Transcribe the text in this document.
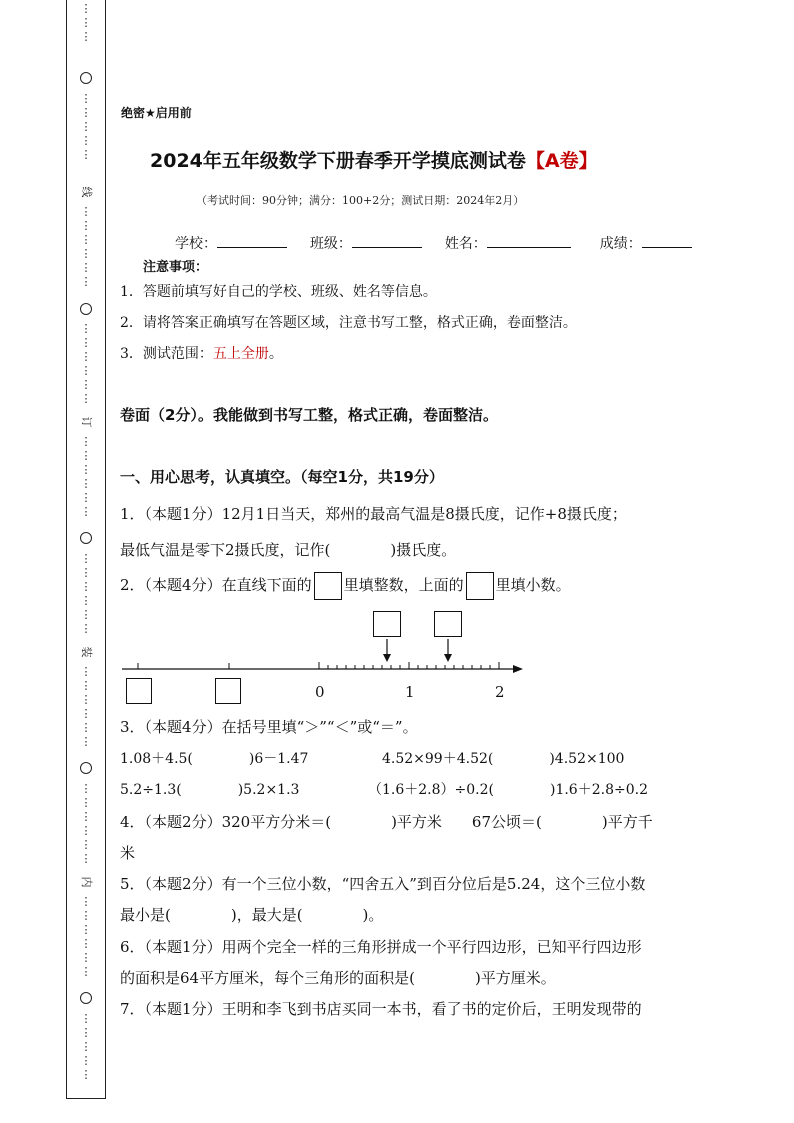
⋮
⋮
⋮
⋮
⋮
⋮
⋮
⋮
线
⋮
⋮
⋮
⋮
⋮
⋮
⋮
⋮
⋮
⋮
⋮
⋮
订
⋮
⋮
⋮
⋮
⋮
⋮
⋮
⋮
⋮
⋮
⋮
⋮
装
⋮
⋮
⋮
⋮
⋮
⋮
⋮
⋮
⋮
⋮
⋮
⋮
内
⋮
⋮
⋮
⋮
⋮
⋮
⋮
⋮
⋮
⋮
⋮
绝密★启用前
2024年五年级数学下册春季开学摸底测试卷【A卷】
（考试时间：90分钟；满分：100+2分；测试日期：2024年2月）
学校：	班级：	姓名：	成绩：
注意事项：
1．答题前填写好自己的学校、班级、姓名等信息。
2．请将答案正确填写在答题区域，注意书写工整，格式正确，卷面整洁。
3．测试范围：五上全册。
卷面（2分）。我能做到书写工整，格式正确，卷面整洁。
一、用心思考，认真填空。（每空1分，共19分）
1．（本题1分）12月1日当天，郑州的最高气温是8摄氏度，记作+8摄氏度；
最低气温是零下2摄氏度，记作(　　　　)摄氏度。
2．（本题4分）在直线下面的 里填整数，上面的 里填小数。
0	1	2
3．（本题4分）在括号里填“＞”“＜”或“＝”。
1.08＋4.5(　　　　)6－1.47	4.52×99＋4.52(　　　　)4.52×100
5.2÷1.3(　　　　)5.2×1.3	（1.6＋2.8）÷0.2(　　　　)1.6＋2.8÷0.2
4．（本题2分）320平方分米＝(　　　　)平方米　　67公顷＝(　　　　)平方千
米
5．（本题2分）有一个三位小数，“四舍五入”到百分位后是5.24，这个三位小数
最小是(　　　　)，最大是(　　　　)。
6．（本题1分）用两个完全一样的三角形拼成一个平行四边形，已知平行四边形
的面积是64平方厘米，每个三角形的面积是(　　　　)平方厘米。
7．（本题1分）王明和李飞到书店买同一本书，看了书的定价后，王明发现带的
